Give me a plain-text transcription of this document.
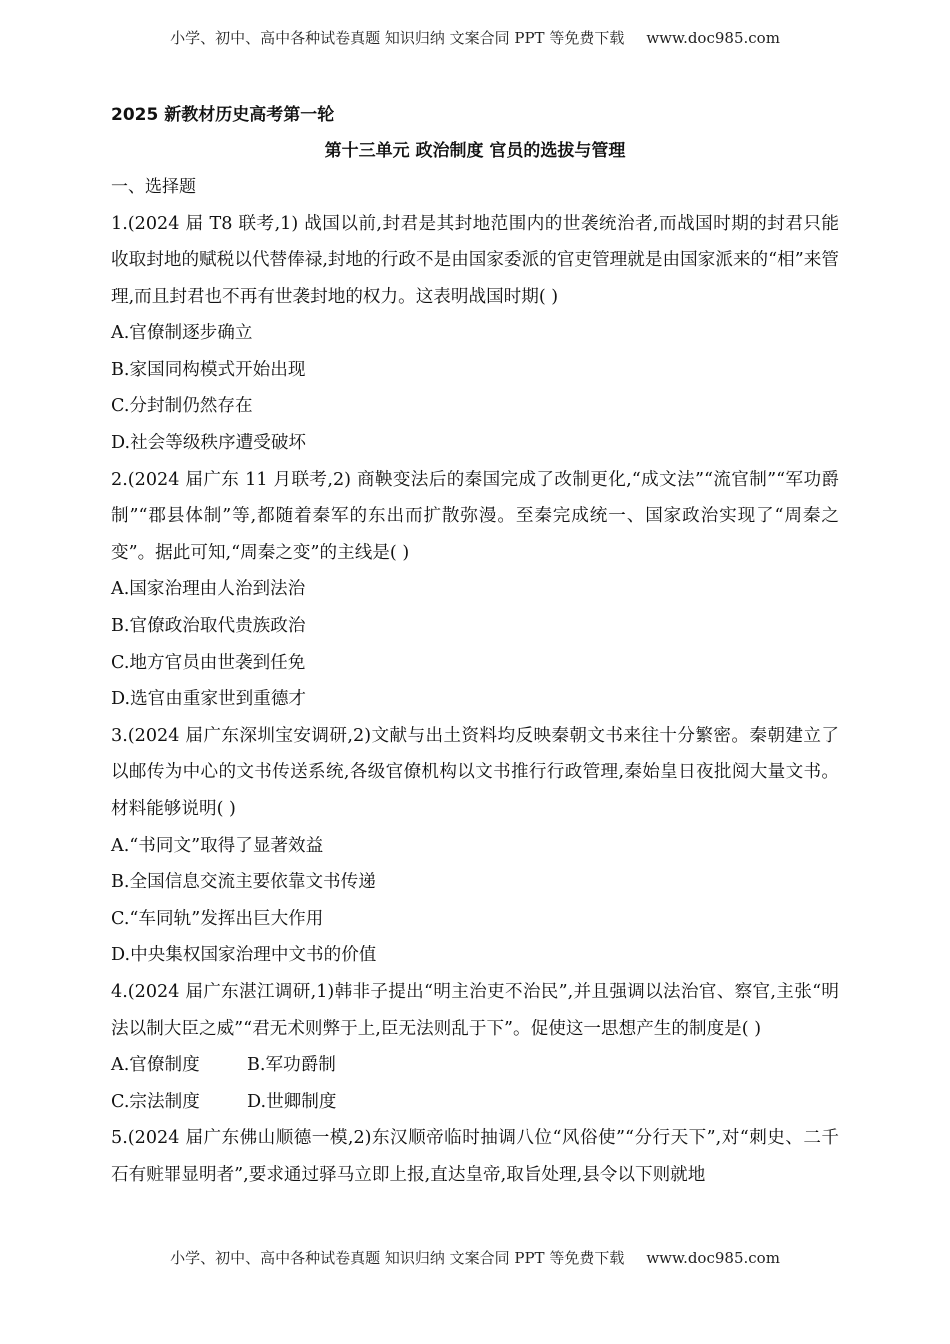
小学、初中、高中各种试卷真题 知识归纳 文案合同 PPT 等免费下载 www.doc985.com
2025 新教材历史高考第一轮
第十三单元 政治制度 官员的选拔与管理
一、选择题

1.(2024 届 T8 联考,1) 战国以前,封君是其封地范围内的世袭统治者,而战国时期的封君只能收取封地的赋税以代替俸禄,封地的行政不是由国家委派的官吏管理就是由国家派来的“相”来管理,而且封君也不再有世袭封地的权力。这表明战国时期( )

A.官僚制逐步确立
B.家国同构模式开始出现
C.分封制仍然存在
D.社会等级秩序遭受破坏

2.(2024 届广东 11 月联考,2) 商鞅变法后的秦国完成了改制更化,“成文法”“流官制”“军功爵制”“郡县体制”等,都随着秦军的东出而扩散弥漫。至秦完成统一、国家政治实现了“周秦之变”。据此可知,“周秦之变”的主线是( )

A.国家治理由人治到法治
B.官僚政治取代贵族政治
C.地方官员由世袭到任免
D.选官由重家世到重德才

3.(2024 届广东深圳宝安调研,2)文献与出土资料均反映秦朝文书来往十分繁密。秦朝建立了以邮传为中心的文书传送系统,各级官僚机构以文书推行行政管理,秦始皇日夜批阅大量文书。材料能够说明( )

A.“书同文”取得了显著效益
B.全国信息交流主要依靠文书传递
C.“车同轨”发挥出巨大作用
D.中央集权国家治理中文书的价值

4.(2024 届广东湛江调研,1)韩非子提出“明主治吏不治民”,并且强调以法治官、察官,主张“明法以制大臣之威”“君无术则弊于上,臣无法则乱于下”。促使这一思想产生的制度是( )

A.官僚制度	B.军功爵制
C.宗法制度	D.世卿制度

5.(2024 届广东佛山顺德一模,2)东汉顺帝临时抽调八位“风俗使”“分行天下”,对“刺史、二千石有赃罪显明者”,要求通过驿马立即上报,直达皇帝,取旨处理,县令以下则就地

小学、初中、高中各种试卷真题 知识归纳 文案合同 PPT 等免费下载 www.doc985.com
